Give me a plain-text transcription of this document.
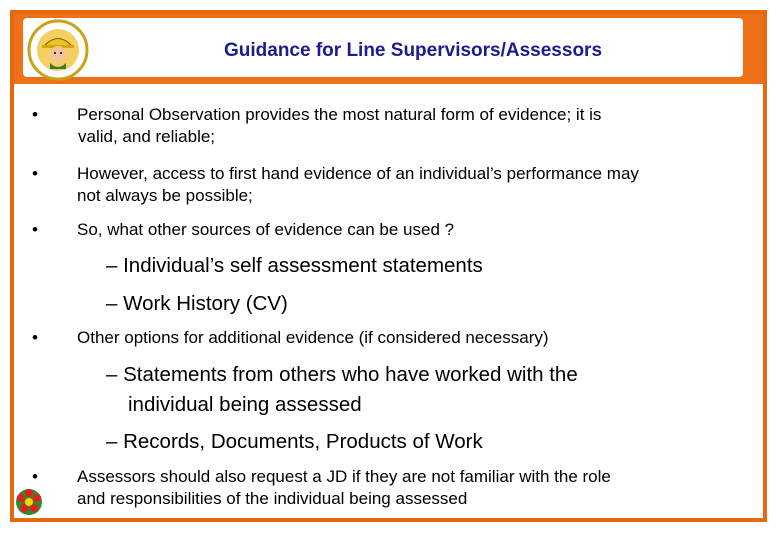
Guidance for Line Supervisors/Assessors
• Personal Observation provides the most natural form of evidence; it is
valid, and reliable;
• However, access to first hand evidence of an individual’s performance may
not always be possible;
• So, what other sources of evidence can be used ?
– Individual’s self assessment statements
– Work History (CV)
• Other options for additional evidence (if considered necessary)
– Statements from others who have worked with the
individual being assessed
– Records, Documents, Products of Work
• Assessors should also request a JD if they are not familiar with the role
and responsibilities of the individual being assessed
